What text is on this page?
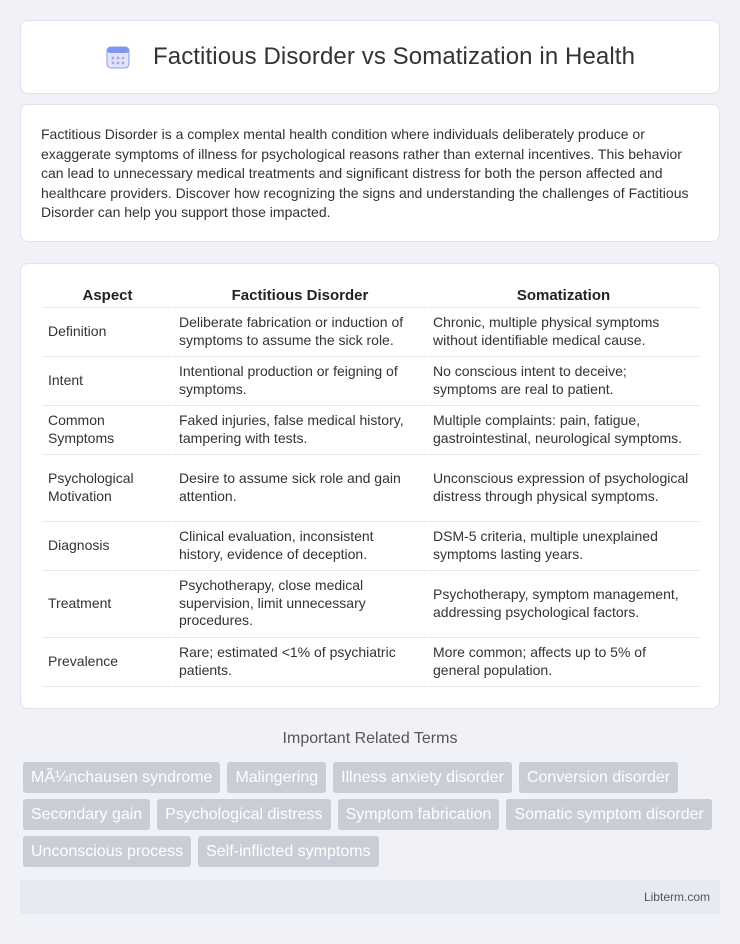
Factitious Disorder vs Somatization in Health

Factitious Disorder is a complex mental health condition where individuals deliberately produce or exaggerate symptoms of illness for psychological reasons rather than external incentives. This behavior can lead to unnecessary medical treatments and significant distress for both the person affected and healthcare providers. Discover how recognizing the signs and understanding the challenges of Factitious Disorder can help you support those impacted.

Aspect	Factitious Disorder	Somatization
Definition	Deliberate fabrication or induction of symptoms to assume the sick role.	Chronic, multiple physical symptoms without identifiable medical cause.
Intent	Intentional production or feigning of symptoms.	No conscious intent to deceive; symptoms are real to patient.
Common Symptoms	Faked injuries, false medical history, tampering with tests.	Multiple complaints: pain, fatigue, gastrointestinal, neurological symptoms.
Psychological Motivation	Desire to assume sick role and gain attention.	Unconscious expression of psychological distress through physical symptoms.
Diagnosis	Clinical evaluation, inconsistent history, evidence of deception.	DSM-5 criteria, multiple unexplained symptoms lasting years.
Treatment	Psychotherapy, close medical supervision, limit unnecessary procedures.	Psychotherapy, symptom management, addressing psychological factors.
Prevalence	Rare; estimated <1% of psychiatric patients.	More common; affects up to 5% of general population.
Important Related Terms
MÃ¼nchausen syndrome	Malingering	Illness anxiety disorder	Conversion disorder
Secondary gain	Psychological distress	Symptom fabrication	Somatic symptom disorder
Unconscious process	Self-inflicted symptoms
Libterm.com
